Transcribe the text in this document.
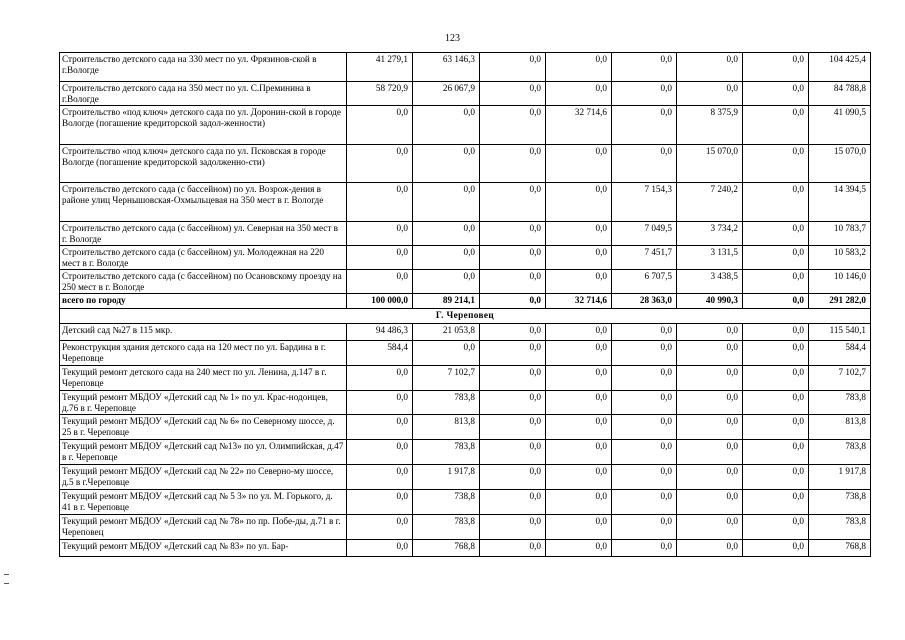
123
Строительство детского сада на 330 мест по ул. Фрязинов-ской в г.Вологде	41 279,1	63 146,3	0,0	0,0	0,0	0,0	0,0	104 425,4
Строительство детского сада на 350 мест по ул. С.Преминина в г.Вологде	58 720,9	26 067,9	0,0	0,0	0,0	0,0	0,0	84 788,8
Строительство «под ключ» детского сада по ул. Доронин-ской в городе Вологде (погашение кредиторской задол-женности)	0,0	0,0	0,0	32 714,6	0,0	8 375,9	0,0	41 090,5
Строительство «под ключ» детского сада по ул. Псковская в городе Вологде (погашение кредиторской задолженно-сти)	0,0	0,0	0,0	0,0	0,0	15 070,0	0,0	15 070,0
Строительство детского сада (с бассейном) по ул. Возрож-дения в районе улиц Чернышовская-Охмыльцевая на 350 мест в г. Вологде	0,0	0,0	0,0	0,0	7 154,3	7 240,2	0,0	14 394,5
Строительство детского сада (с бассейном) ул. Северная на 350 мест в г. Вологде	0,0	0,0	0,0	0,0	7 049,5	3 734,2	0,0	10 783,7
Строительство детского сада (с бассейном) ул. Молодежная на 220 мест в г. Вологде	0,0	0,0	0,0	0,0	7 451,7	3 131,5	0,0	10 583,2
Строительство детского сада (с бассейном) по Осановскому проезду на 250 мест в г. Вологде	0,0	0,0	0,0	0,0	6 707,5	3 438,5	0,0	10 146,0
всего по городу	100 000,0	89 214,1	0,0	32 714,6	28 363,0	40 990,3	0,0	291 282,0
Г. Череповец								
Детский сад №27 в 115 мкр.	94 486,3	21 053,8	0,0	0,0	0,0	0,0	0,0	115 540,1
Реконструкция здания детского сада на 120 мест по ул. Бардина в г. Череповце	584,4	0,0	0,0	0,0	0,0	0,0	0,0	584,4
Текущий ремонт детского сада на 240 мест по ул. Ленина, д.147 в г. Череповце	0,0	7 102,7	0,0	0,0	0,0	0,0	0,0	7 102,7
Текущий ремонт МБДОУ «Детский сад № 1» по ул. Крас-нодонцев, д.76 в г. Череповце	0,0	783,8	0,0	0,0	0,0	0,0	0,0	783,8
Текущий ремонт МБДОУ «Детский сад № 6» по Северному шоссе, д. 25 в г. Череповце	0,0	813,8	0,0	0,0	0,0	0,0	0,0	813,8
Текущий ремонт МБДОУ «Детский сад №13» по ул. Олимпийская, д.47 в г. Череповце	0,0	783,8	0,0	0,0	0,0	0,0	0,0	783,8
Текущий ремонт МБДОУ «Детский сад № 22» по Северно-му шоссе, д.5 в г.Череповце	0,0	1 917,8	0,0	0,0	0,0	0,0	0,0	1 917,8
Текущий ремонт МБДОУ «Детский сад № 5 3» по ул. М. Горького, д. 41 в г. Череповце	0,0	738,8	0,0	0,0	0,0	0,0	0,0	738,8
Текущий ремонт МБДОУ «Детский сад № 78» по пр. Побе-ды, д.71 в г. Череповец	0,0	783,8	0,0	0,0	0,0	0,0	0,0	783,8
Текущий ремонт МБДОУ «Детский сад № 83» по ул. Бар-	0,0	768,8	0,0	0,0	0,0	0,0	0,0	768,8
